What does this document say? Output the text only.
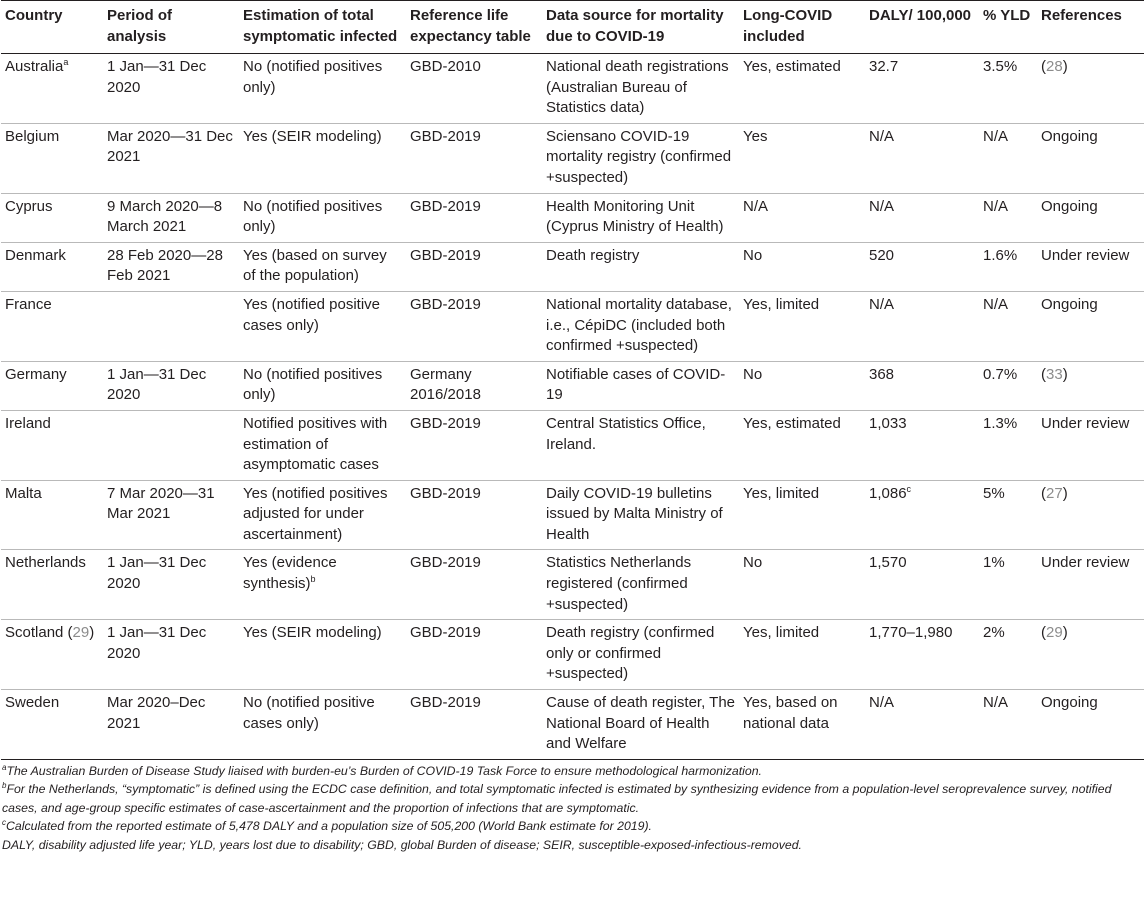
Country	Period of analysis	Estimation of total symptomatic infected	Reference life expectancy table	Data source for mortality due to COVID-19	Long-COVID included	DALY/ 100,000	% YLD	References
Australia$^a$	1 Jan—31 Dec 2020	No (notified positives only)	GBD-2010	National death registrations (Australian Bureau of Statistics data)	Yes, estimated	32.7	3.5%	(28)
Belgium	Mar 2020—31 Dec 2021	Yes (SEIR modeling)	GBD-2019	Sciensano COVID-19 mortality registry (confirmed +suspected)	Yes	N/A	N/A	Ongoing
Cyprus	9 March 2020—8 March 2021	No (notified positives only)	GBD-2019	Health Monitoring Unit (Cyprus Ministry of Health)	N/A	N/A	N/A	Ongoing
Denmark	28 Feb 2020—28 Feb 2021	Yes (based on survey of the population)	GBD-2019	Death registry	No	520	1.6%	Under review
France		Yes (notified positive cases only)	GBD-2019	National mortality database, i.e., CépiDC (included both confirmed +suspected)	Yes, limited	N/A	N/A	Ongoing
Germany	1 Jan—31 Dec 2020	No (notified positives only)	Germany 2016/2018	Notifiable cases of COVID-19	No	368	0.7%	(33)
Ireland		Notified positives with estimation of asymptomatic cases	GBD-2019	Central Statistics Office, Ireland.	Yes, estimated	1,033	1.3%	Under review
Malta	7 Mar 2020—31 Mar 2021	Yes (notified positives adjusted for under ascertainment)	GBD-2019	Daily COVID-19 bulletins issued by Malta Ministry of Health	Yes, limited	1,086$^c$	5%	(27)
Netherlands	1 Jan—31 Dec 2020	Yes (evidence synthesis)$^b$	GBD-2019	Statistics Netherlands registered (confirmed +suspected)	No	1,570	1%	Under review
Scotland (29)	1 Jan—31 Dec 2020	Yes (SEIR modeling)	GBD-2019	Death registry (confirmed only or confirmed +suspected)	Yes, limited	1,770–1,980	2%	(29)
Sweden	Mar 2020–Dec 2021	No (notified positive cases only)	GBD-2019	Cause of death register, The National Board of Health and Welfare	Yes, based on national data	N/A	N/A	Ongoing

$^a$The Australian Burden of Disease Study liaised with burden-eu’s Burden of COVID-19 Task Force to ensure methodological harmonization.

$^b$For the Netherlands, “symptomatic” is defined using the ECDC case definition, and total symptomatic infected is estimated by synthesizing evidence from a population-level seroprevalence survey, notified cases, and age-group specific estimates of case-ascertainment and the proportion of infections that are symptomatic.

$^c$Calculated from the reported estimate of 5,478 DALY and a population size of 505,200 (World Bank estimate for 2019).

DALY, disability adjusted life year; YLD, years lost due to disability; GBD, global Burden of disease; SEIR, susceptible-exposed-infectious-removed.
